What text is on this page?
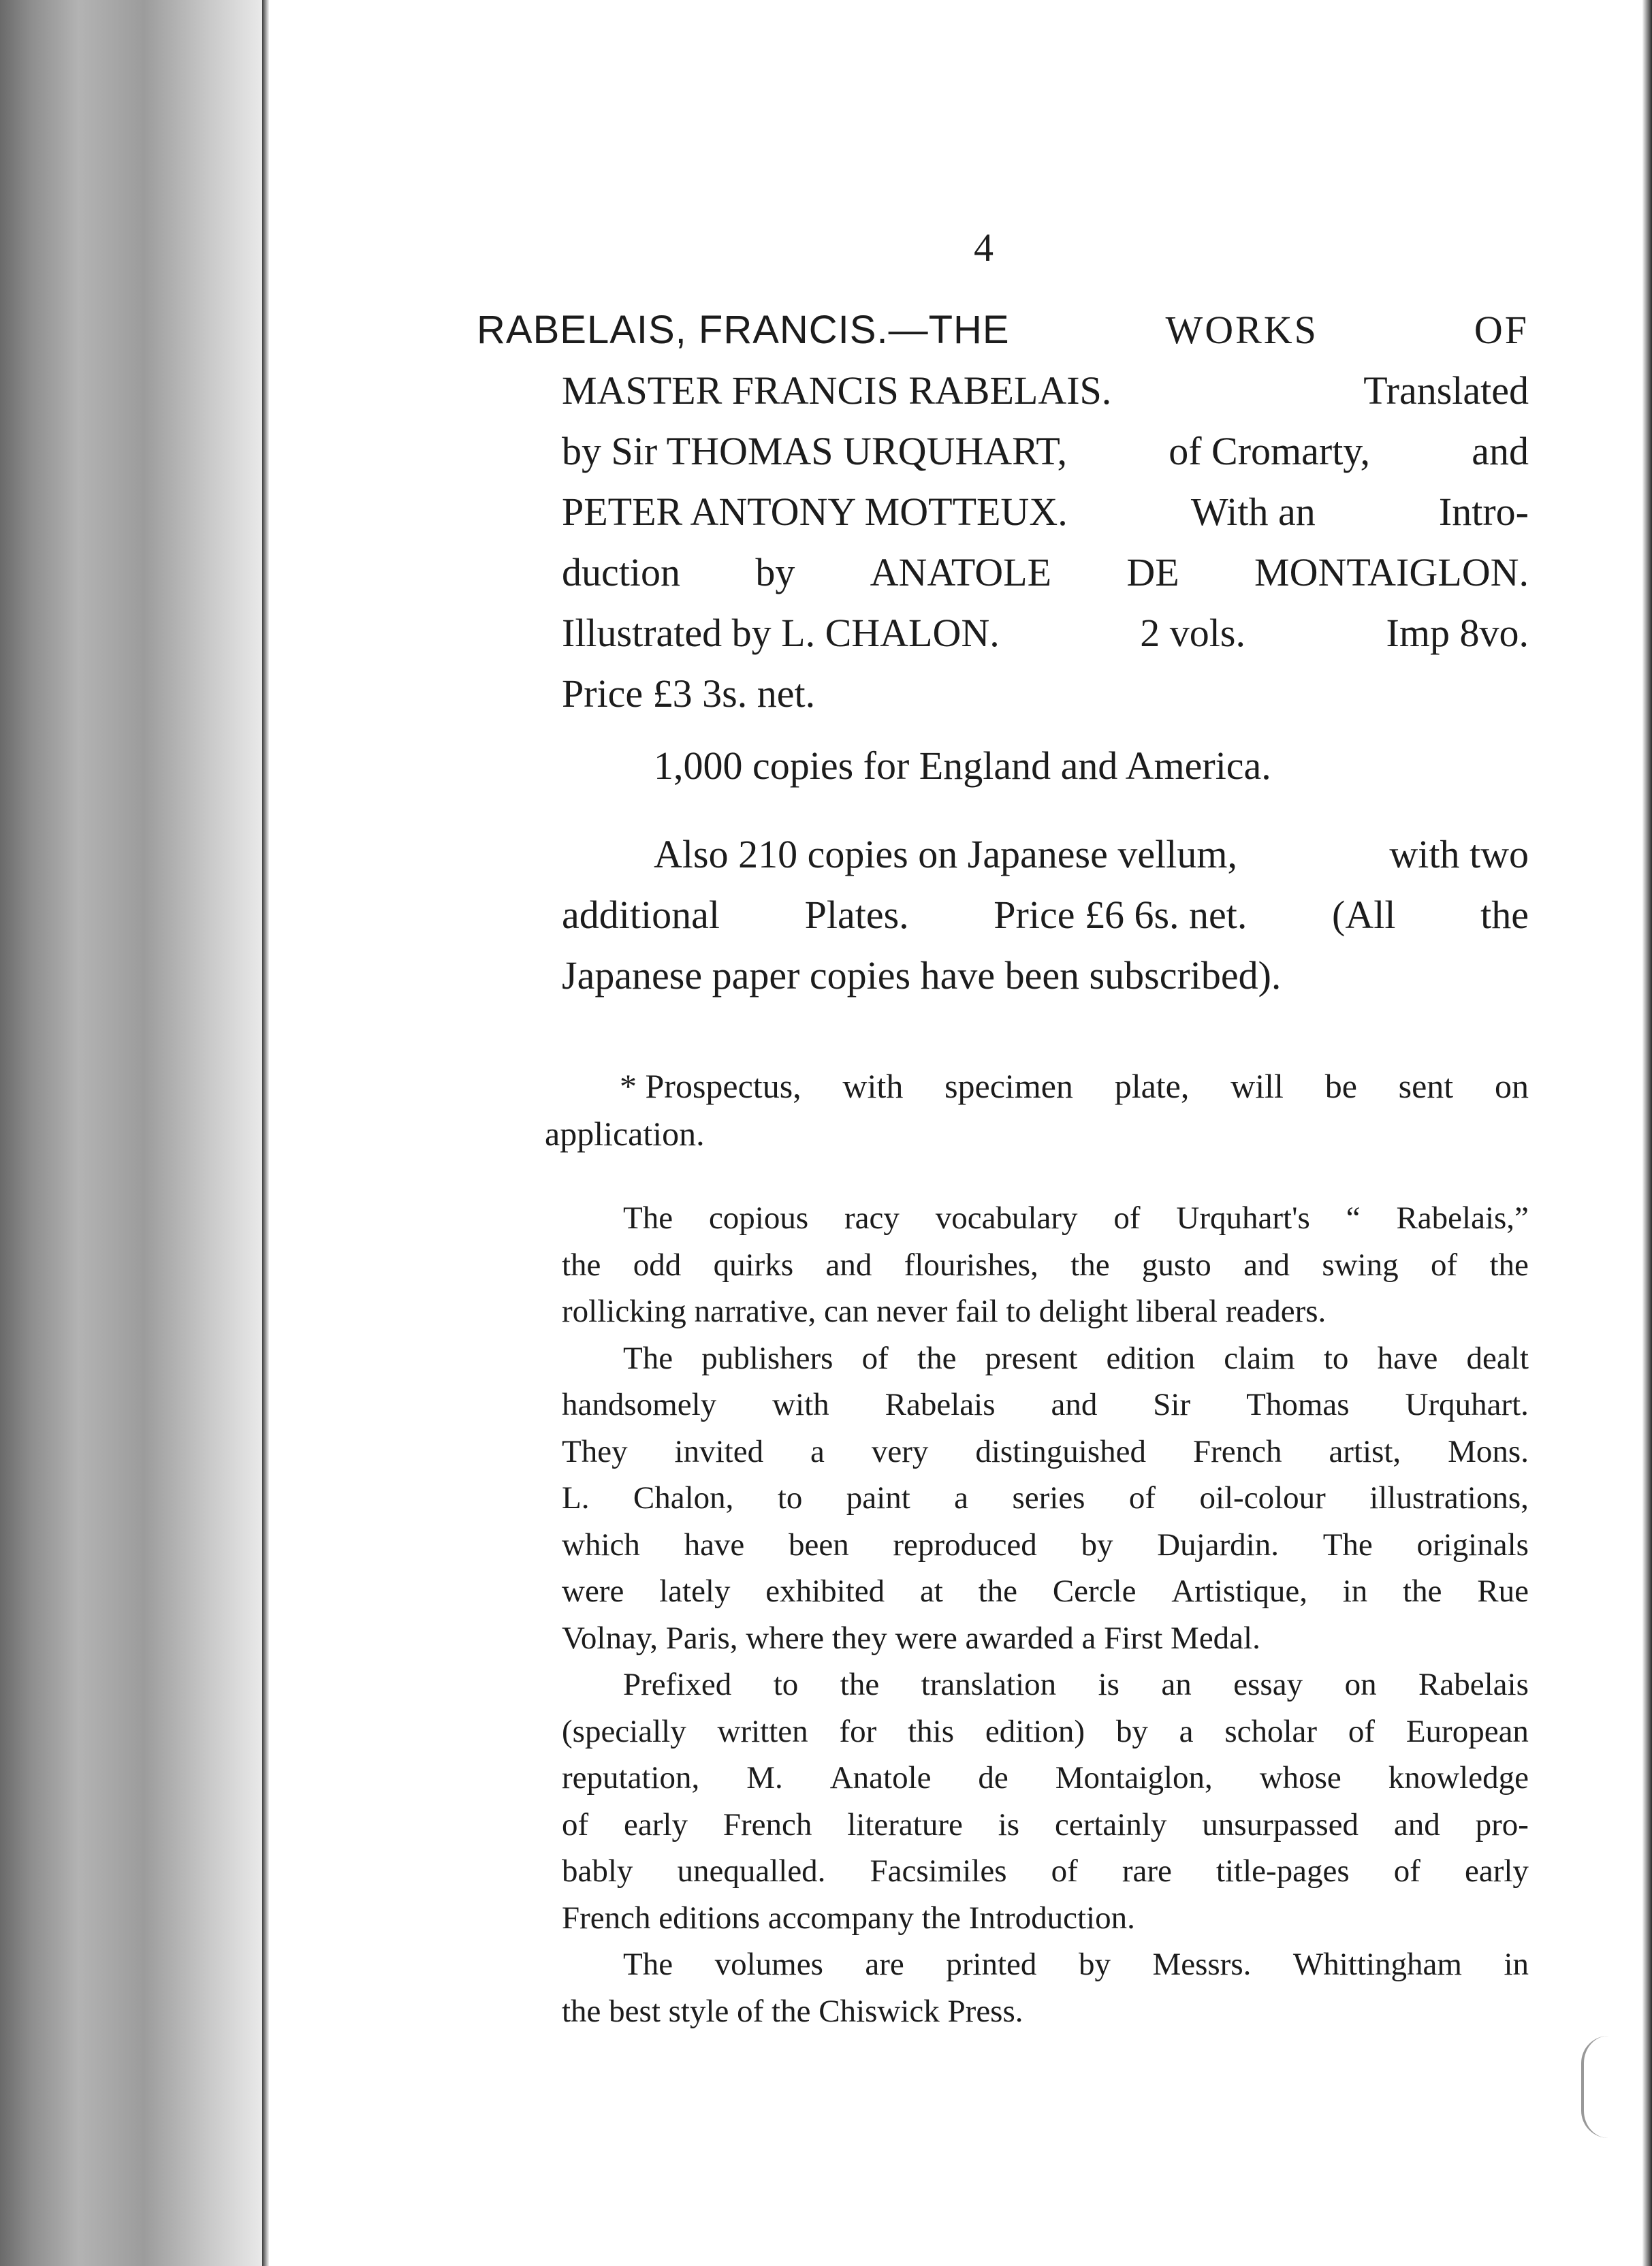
4
RABELAIS, FRANCIS.—THE	WORKS	OF
MASTER FRANCIS RABELAIS.	Translated
by Sir THOMAS URQUHART,	of Cromarty,	and
PETER ANTONY MOTTEUX.	With an	Intro-
duction by ANATOLE DE MONTAIGLON.
Illustrated by L. CHALON.	2 vols.	Imp 8vo.
Price £3 3s. net.
1,000 copies for England and America.
Also 210 copies on Japanese vellum,	with two
additional Plates. Price £6 6s. net. (All the
Japanese paper copies have been subscribed).
* Prospectus, with specimen plate, will be sent on
application.
The copious racy vocabulary of Urquhart's “ Rabelais,”
the odd quirks and flourishes, the gusto and swing of the
rollicking narrative, can never fail to delight liberal readers.
The publishers of the present edition claim to have dealt
handsomely with Rabelais and Sir Thomas Urquhart.
They invited a very distinguished French artist, Mons.
L. Chalon, to paint a series of oil-colour illustrations,
which have been reproduced by Dujardin. The originals
were lately exhibited at the Cercle Artistique, in the Rue
Volnay, Paris, where they were awarded a First Medal.
Prefixed to the translation is an essay on Rabelais
(specially written for this edition) by a scholar of European
reputation, M. Anatole de Montaiglon, whose knowledge
of early French literature is certainly unsurpassed and pro-
bably unequalled. Facsimiles of rare title-pages of early
French editions accompany the Introduction.
The volumes are printed by Messrs. Whittingham in
the best style of the Chiswick Press.
